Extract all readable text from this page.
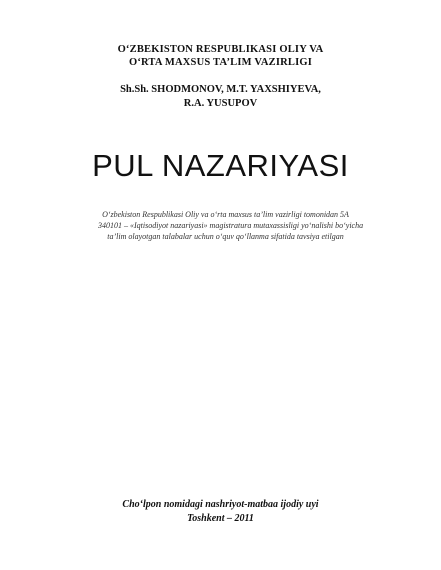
O‘ZBEKISTON RESPUBLIKASI OLIY VA
O‘RTA MAXSUS TA’LIM VAZIRLIGI
Sh.Sh. SHODMONOV, M.T. YAXSHIYEVA,
R.A. YUSUPOV
PUL NAZARIYASI
O‘zbekiston Respublikasi Oliy va o‘rta maxsus ta’lim vazirligi tomonidan 5A
340101 – «Iqtisodiyot nazariyasi» magistratura mutaxassisligi yo‘nalishi bo‘yicha
ta’lim olayotgan talabalar uchun o‘quv qo‘llanma sifatida tavsiya etilgan
Cho‘lpon nomidagi nashriyot-matbaa ijodiy uyi
Toshkent – 2011
